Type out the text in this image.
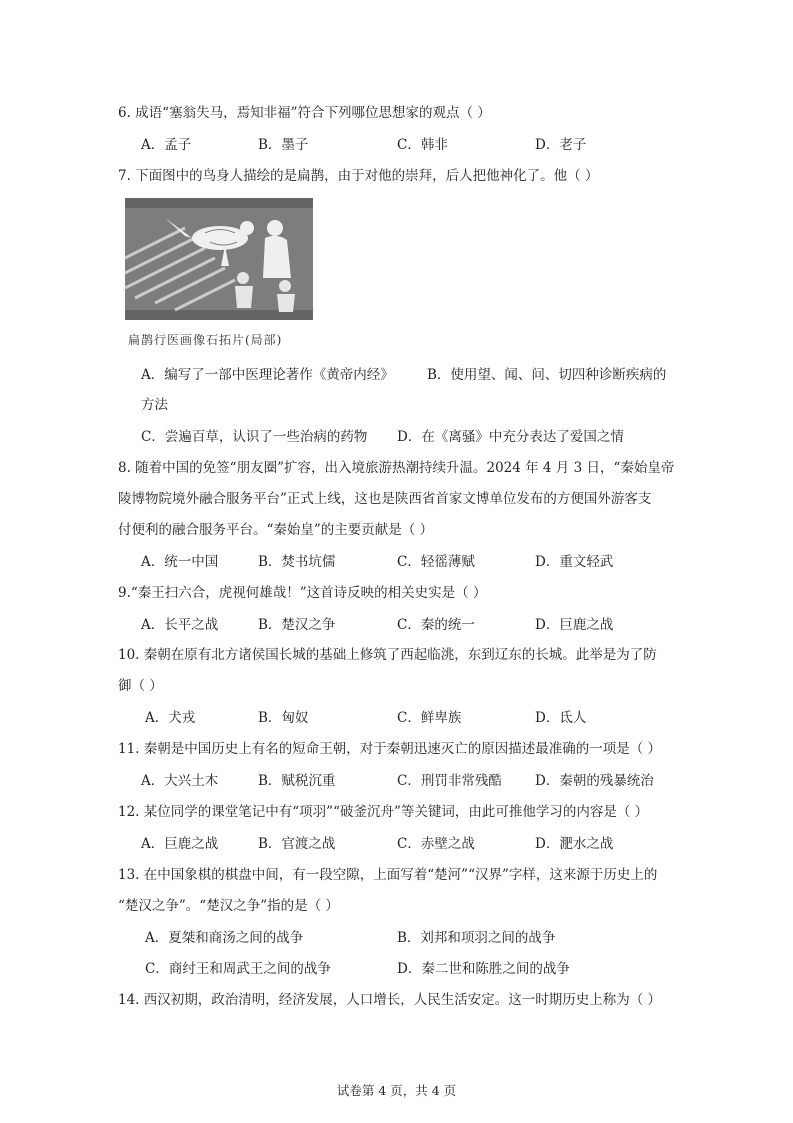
6. 成语“塞翁失马，焉知非福”符合下列哪位思想家的观点（ ）
A．孟子	B．墨子	C．韩非	D．老子
7. 下面图中的鸟身人描绘的是扁鹊，由于对他的崇拜，后人把他神化了。他（ ）
扁鹊行医画像石拓片(局部)
A．编写了一部中医理论著作《黄帝内经》 B．使用望、闻、问、切四种诊断疾病的
方法
C．尝遍百草，认识了一些治病的药物 D．在《离骚》中充分表达了爱国之情
8. 随着中国的免签“朋友圈”扩容，出入境旅游热潮持续升温。2024 年 4 月 3 日，“秦始皇帝
陵博物院境外融合服务平台”正式上线，这也是陕西省首家文博单位发布的方便国外游客支
付便利的融合服务平台。“秦始皇”的主要贡献是（ ）
A．统一中国	B．焚书坑儒	C．轻徭薄赋	D．重文轻武
9.“秦王扫六合，虎视何雄哉！”这首诗反映的相关史实是（ ）
A．长平之战	B．楚汉之争	C．秦的统一	D．巨鹿之战
10. 秦朝在原有北方诸侯国长城的基础上修筑了西起临洮，东到辽东的长城。此举是为了防
御（ ）
A．犬戎	B．匈奴	C．鲜卑族	D．氐人
11. 秦朝是中国历史上有名的短命王朝，对于秦朝迅速灭亡的原因描述最准确的一项是（ ）
A．大兴土木	B．赋税沉重	C．刑罚非常残酷 D．秦朝的残暴统治
12. 某位同学的课堂笔记中有“项羽”“破釜沉舟”等关键词，由此可推他学习的内容是（ ）
A．巨鹿之战	B．官渡之战	C．赤壁之战	D．淝水之战
13. 在中国象棋的棋盘中间，有一段空隙，上面写着“楚河”“汉界”字样，这来源于历史上的
“楚汉之争”。“楚汉之争”指的是（ ）
A．夏桀和商汤之间的战争	B．刘邦和项羽之间的战争
C．商纣王和周武王之间的战争	D．秦二世和陈胜之间的战争
14. 西汉初期，政治清明，经济发展，人口增长，人民生活安定。这一时期历史上称为（ ）
试卷第 4 页，共 4 页
